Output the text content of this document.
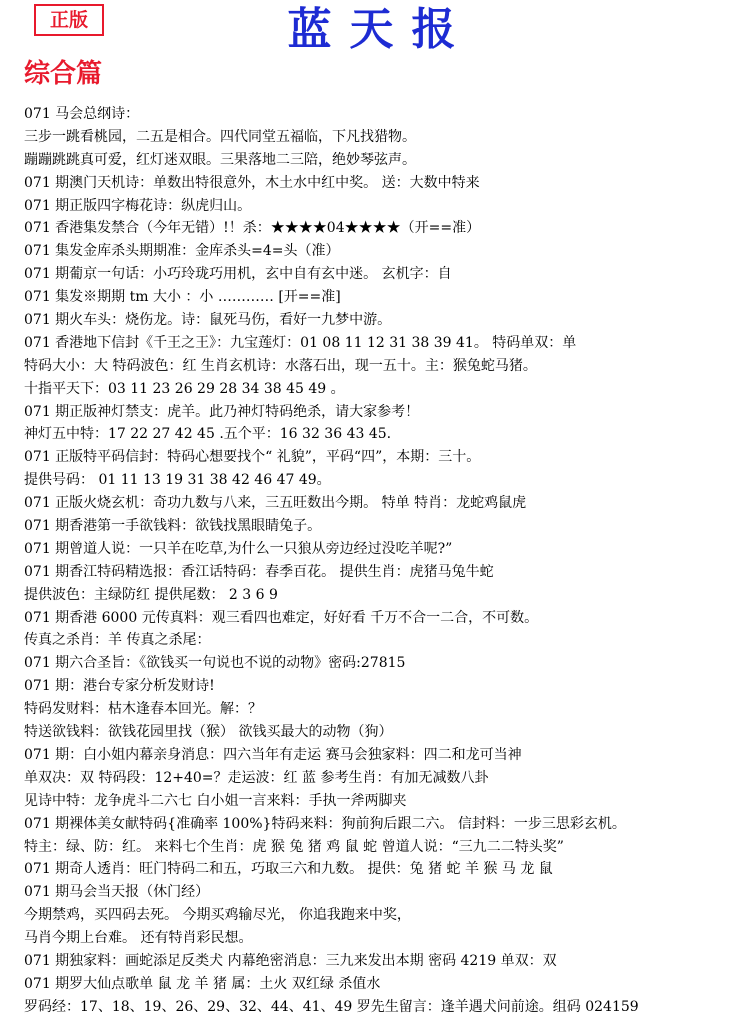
正版	蓝天报
综合篇
071 马会总纲诗：
三步一跳看桃园，二五是相合。四代同堂五福临，下凡找猎物。
蹦蹦跳跳真可爱，红灯迷双眼。三果落地二三陪，绝妙琴弦声。
071 期澳门天机诗：单数出特很意外，木土水中红中奖。 送：大数中特来
071 期正版四字梅花诗：纵虎归山。
071 香港集发禁合（今年无错）!！杀：★★★★04★★★★（开==准）
071 集发金库杀头期期准：金库杀头=4=头（准）
071 期葡京一句话：小巧玲珑巧用机，玄中自有玄中迷。 玄机字：自
071 集发※期期 tm 大小 ：小 ………… [开==准]
071 期火车头：烧伤龙。诗：鼠死马伤，看好一九梦中游。
071 香港地下信封《千王之王》：九宝莲灯：01 08 11 12 31 38 39 41。 特码单双：单
特码大小：大 特码波色：红 生肖玄机诗：水落石出，现一五十。主：猴兔蛇马猪。
十指平天下：03 11 23 26 29 28 34 38 45 49 。
071 期正版神灯禁支：虎羊。此乃神灯特码绝杀，请大家参考！
神灯五中特：17 22 27 42 45 .五个平：16 32 36 43 45.
071 正版特平码信封：特码心想要找个“ 礼貌”，平码“四”，本期：三十。
提供号码： 01 11 13 19 31 38 42 46 47 49。
071 正版火烧玄机：奇功九数与八来，三五旺数出今期。 特单 特肖：龙蛇鸡鼠虎
071 期香港第一手欲钱料：欲钱找黑眼睛兔子。
071 期曾道人说：一只羊在吃草,为什么一只狼从旁边经过没吃羊呢?”
071 期香江特码精选报：香江话特码：春季百花。 提供生肖：虎猪马兔牛蛇
提供波色：主绿防红 提供尾数： 2 3 6 9
071 期香港 6000 元传真料：观三看四也难定，好好看 千万不合一二合，不可数。
传真之杀肖：羊 传真之杀尾：
071 期六合圣旨：《欲钱买一句说也不说的动物》密码:27815
071 期：港台专家分析发财诗!
特码发财料：枯木逢春本回光。解：？
特送欲钱料：欲钱花园里找（猴） 欲钱买最大的动物（狗）
071 期：白小姐内幕亲身消息：四六当年有走运 赛马会独家料：四二和龙可当神
单双决：双 特码段：12+40=？走运波：红 蓝 参考生肖：有加无减数八卦
见诗中特：龙争虎斗二六七 白小姐一言来料：手执一斧两脚夹
071 期裸体美女献特码{准确率 100%}特码来料：狗前狗后跟二六。 信封料：一步三思彩玄机。
特主：绿、防：红。 来料七个生肖：虎 猴 兔 猪 鸡 鼠 蛇 曾道人说：“三九二二特头奖”
071 期奇人透肖：旺门特码二和五，巧取三六和九数。 提供：兔 猪 蛇 羊 猴 马 龙 鼠
071 期马会当天报（休门经）
今期禁鸡，买四码去死。 今期买鸡输尽光， 你追我跑来中奖，
马肖今期上台难。 还有特肖彩民想。
071 期独家料：画蛇添足反类犬 内幕绝密消息：三九来发出本期 密码 4219 单双：双
071 期罗大仙点歌单 鼠 龙 羊 猪 属：土火 双红绿 杀值水
罗码经：17、18、19、26、29、32、44、41、49 罗先生留言：逢羊遇犬问前途。组码 024159
